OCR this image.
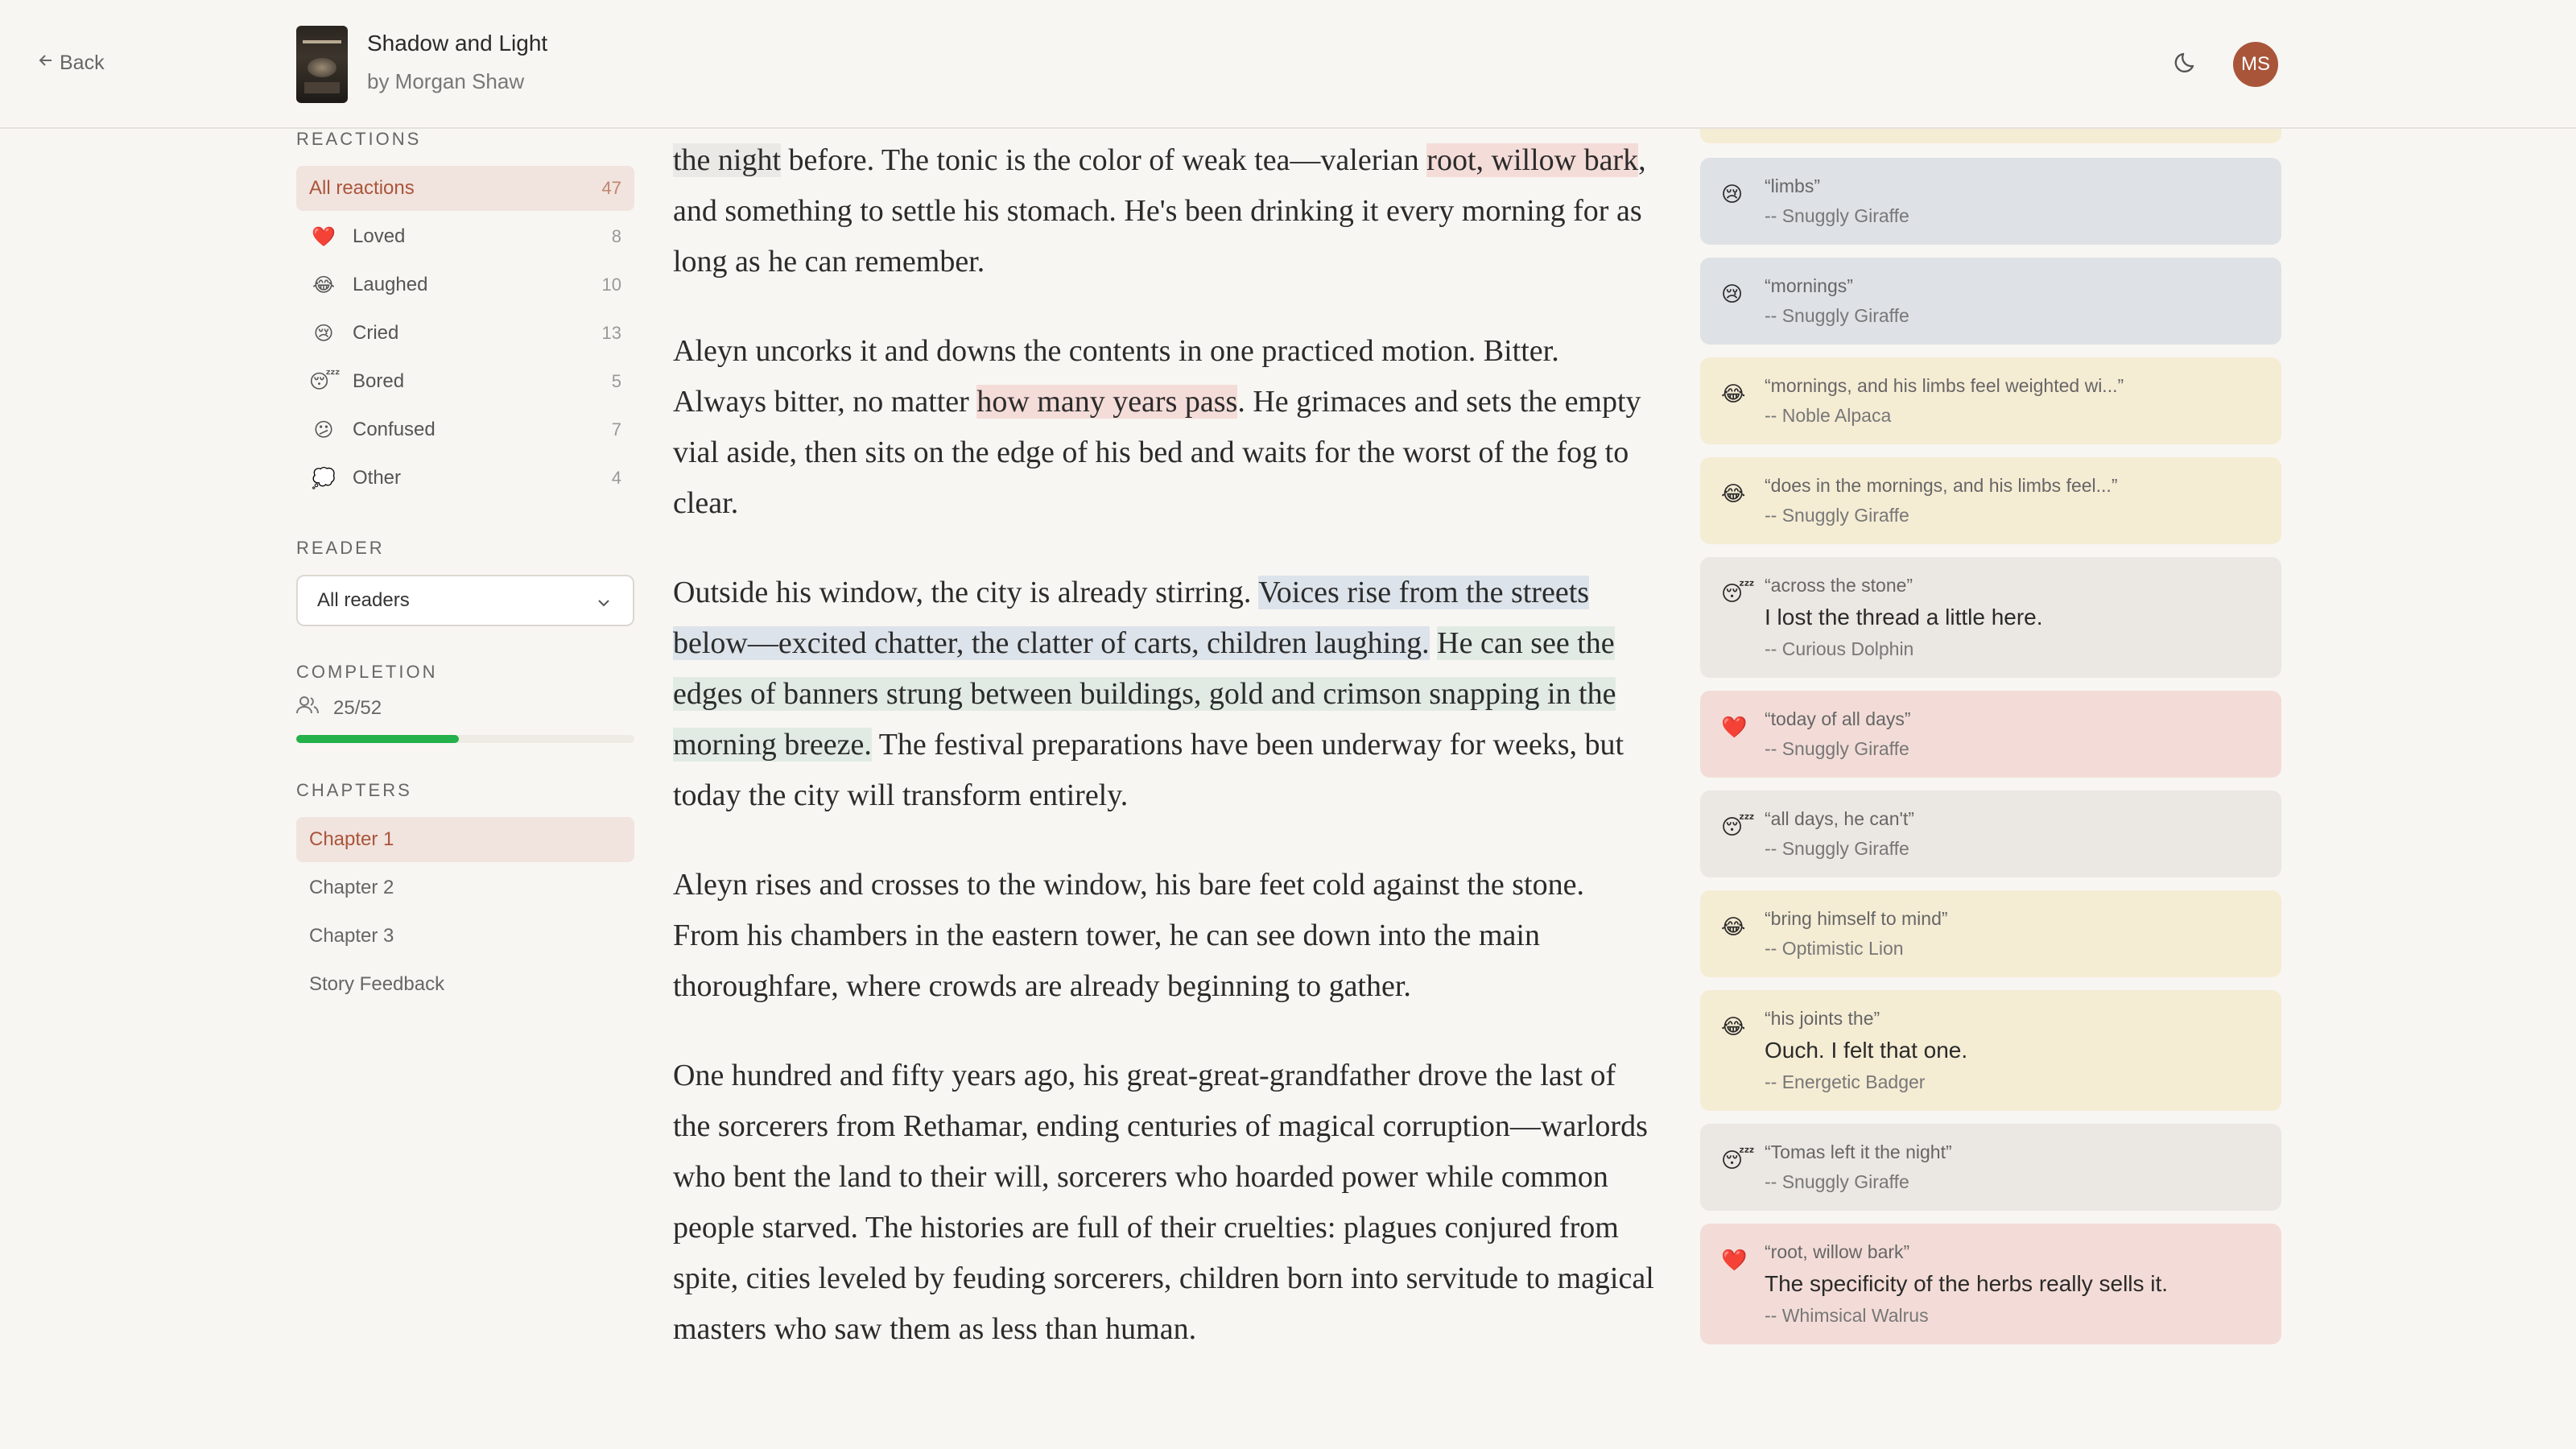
Back
Shadow and Light
by Morgan Shaw
MS
REACTIONS
All reactions	47
❤️ Loved	8
😂 Laughed	10
😢 Cried	13
😴 Bored	5
😕 Confused	7
💭 Other	4
READER
All readers
COMPLETION
25/52
CHAPTERS
Chapter 1
Chapter 2
Chapter 3
Story Feedback

the night before. The tonic is the color of weak tea—valerian root, willow bark, and something to settle his stomach. He's been drinking it every morning for as long as he can remember.

Aleyn uncorks it and downs the contents in one practiced motion. Bitter. Always bitter, no matter how many years pass. He grimaces and sets the empty vial aside, then sits on the edge of his bed and waits for the worst of the fog to clear.

Outside his window, the city is already stirring. Voices rise from the streets below—excited chatter, the clatter of carts, children laughing. He can see the edges of banners strung between buildings, gold and crimson snapping in the morning breeze. The festival preparations have been underway for weeks, but today the city will transform entirely.

Aleyn rises and crosses to the window, his bare feet cold against the stone. From his chambers in the eastern tower, he can see down into the main thoroughfare, where crowds are already beginning to gather.

One hundred and fifty years ago, his great-great-grandfather drove the last of the sorcerers from Rethamar, ending centuries of magical corruption—warlords who bent the land to their will, sorcerers who hoarded power while common people starved. The histories are full of their cruelties: plagues conjured from spite, cities leveled by feuding sorcerers, children born into servitude to magical masters who saw them as less than human.

😢 “limbs”
-- Snuggly Giraffe
😢 “mornings”
-- Snuggly Giraffe
😂 “mornings, and his limbs feel weighted wi...”
-- Noble Alpaca
😂 “does in the mornings, and his limbs feel...”
-- Snuggly Giraffe
😴 “across the stone”
I lost the thread a little here.
-- Curious Dolphin
❤️ “today of all days”
-- Snuggly Giraffe
😴 “all days, he can't”
-- Snuggly Giraffe
😂 “bring himself to mind”
-- Optimistic Lion
😂 “his joints the”
Ouch. I felt that one.
-- Energetic Badger
😴 “Tomas left it the night”
-- Snuggly Giraffe
❤️ “root, willow bark”
The specificity of the herbs really sells it.
-- Whimsical Walrus
